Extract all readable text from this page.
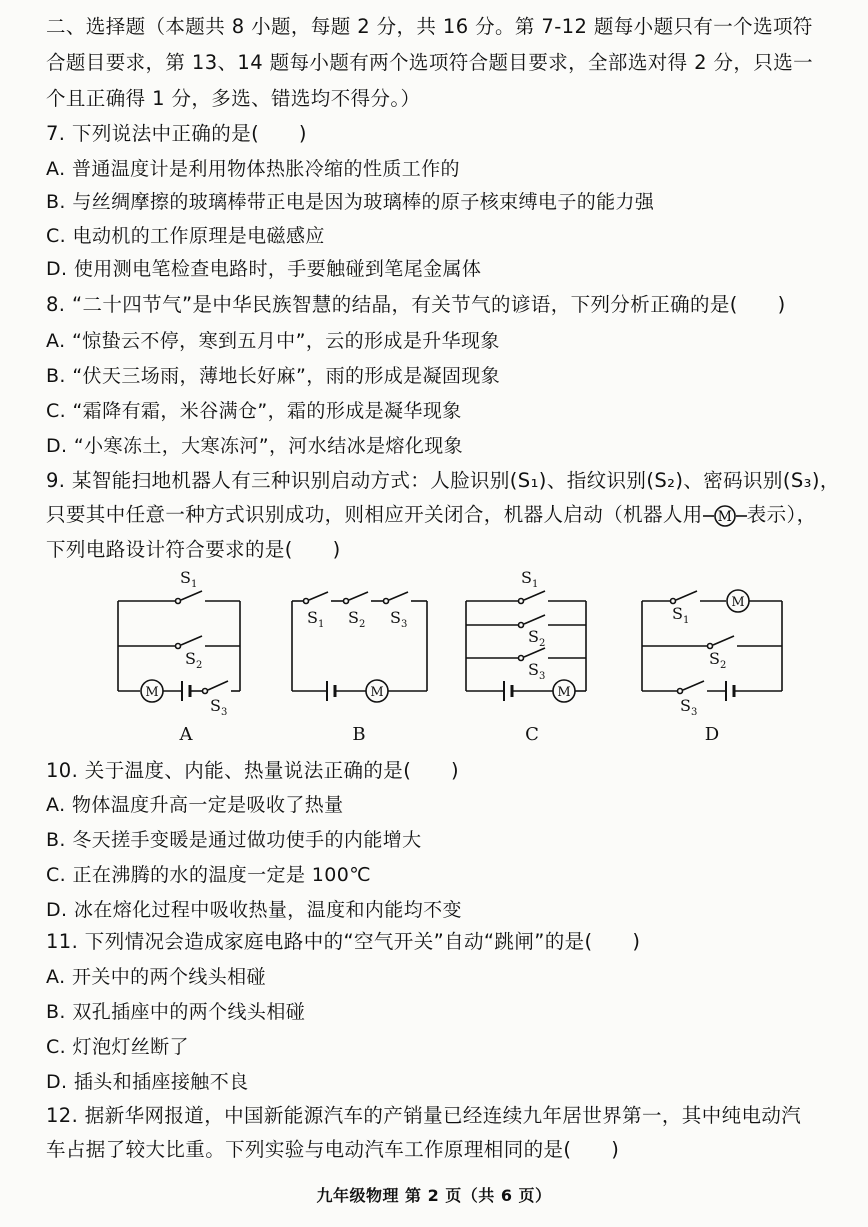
二、选择题（本题共 8 小题，每题 2 分，共 16 分。第 7-12 题每小题只有一个选项符
合题目要求，第 13、14 题每小题有两个选项符合题目要求，全部选对得 2 分，只选一
个且正确得 1 分，多选、错选均不得分。）
7. 下列说法中正确的是(　　)
A. 普通温度计是利用物体热胀冷缩的性质工作的
B. 与丝绸摩擦的玻璃棒带正电是因为玻璃棒的原子核束缚电子的能力强
C. 电动机的工作原理是电磁感应
D. 使用测电笔检查电路时，手要触碰到笔尾金属体
8. “二十四节气”是中华民族智慧的结晶，有关节气的谚语，下列分析正确的是(　　)
A. “惊蛰云不停，寒到五月中”，云的形成是升华现象
B. “伏天三场雨，薄地长好麻”，雨的形成是凝固现象
C. “霜降有霜，米谷满仓”，霜的形成是凝华现象
D. “小寒冻土，大寒冻河”，河水结冰是熔化现象
9. 某智能扫地机器人有三种识别启动方式：人脸识别(S₁)、指纹识别(S₂)、密码识别(S₃)，
只要其中任意一种方式识别成功，则相应开关闭合，机器人启动（机器人用 M 表示），
下列电路设计符合要求的是(　　)
M
S 1
S 2
S 3
A
M
S 1 S 2 S 3
B
M
S 1
S 2
S 3
C
M
S 1
S 2
S 3
D
10. 关于温度、内能、热量说法正确的是(　　)
A. 物体温度升高一定是吸收了热量
B. 冬天搓手变暖是通过做功使手的内能增大
C. 正在沸腾的水的温度一定是 100℃
D. 冰在熔化过程中吸收热量，温度和内能均不变
11. 下列情况会造成家庭电路中的“空气开关”自动“跳闸”的是(　　)
A. 开关中的两个线头相碰
B. 双孔插座中的两个线头相碰
C. 灯泡灯丝断了
D. 插头和插座接触不良
12. 据新华网报道，中国新能源汽车的产销量已经连续九年居世界第一，其中纯电动汽
车占据了较大比重。下列实验与电动汽车工作原理相同的是(　　)
九年级物理 第 2 页（共 6 页）
